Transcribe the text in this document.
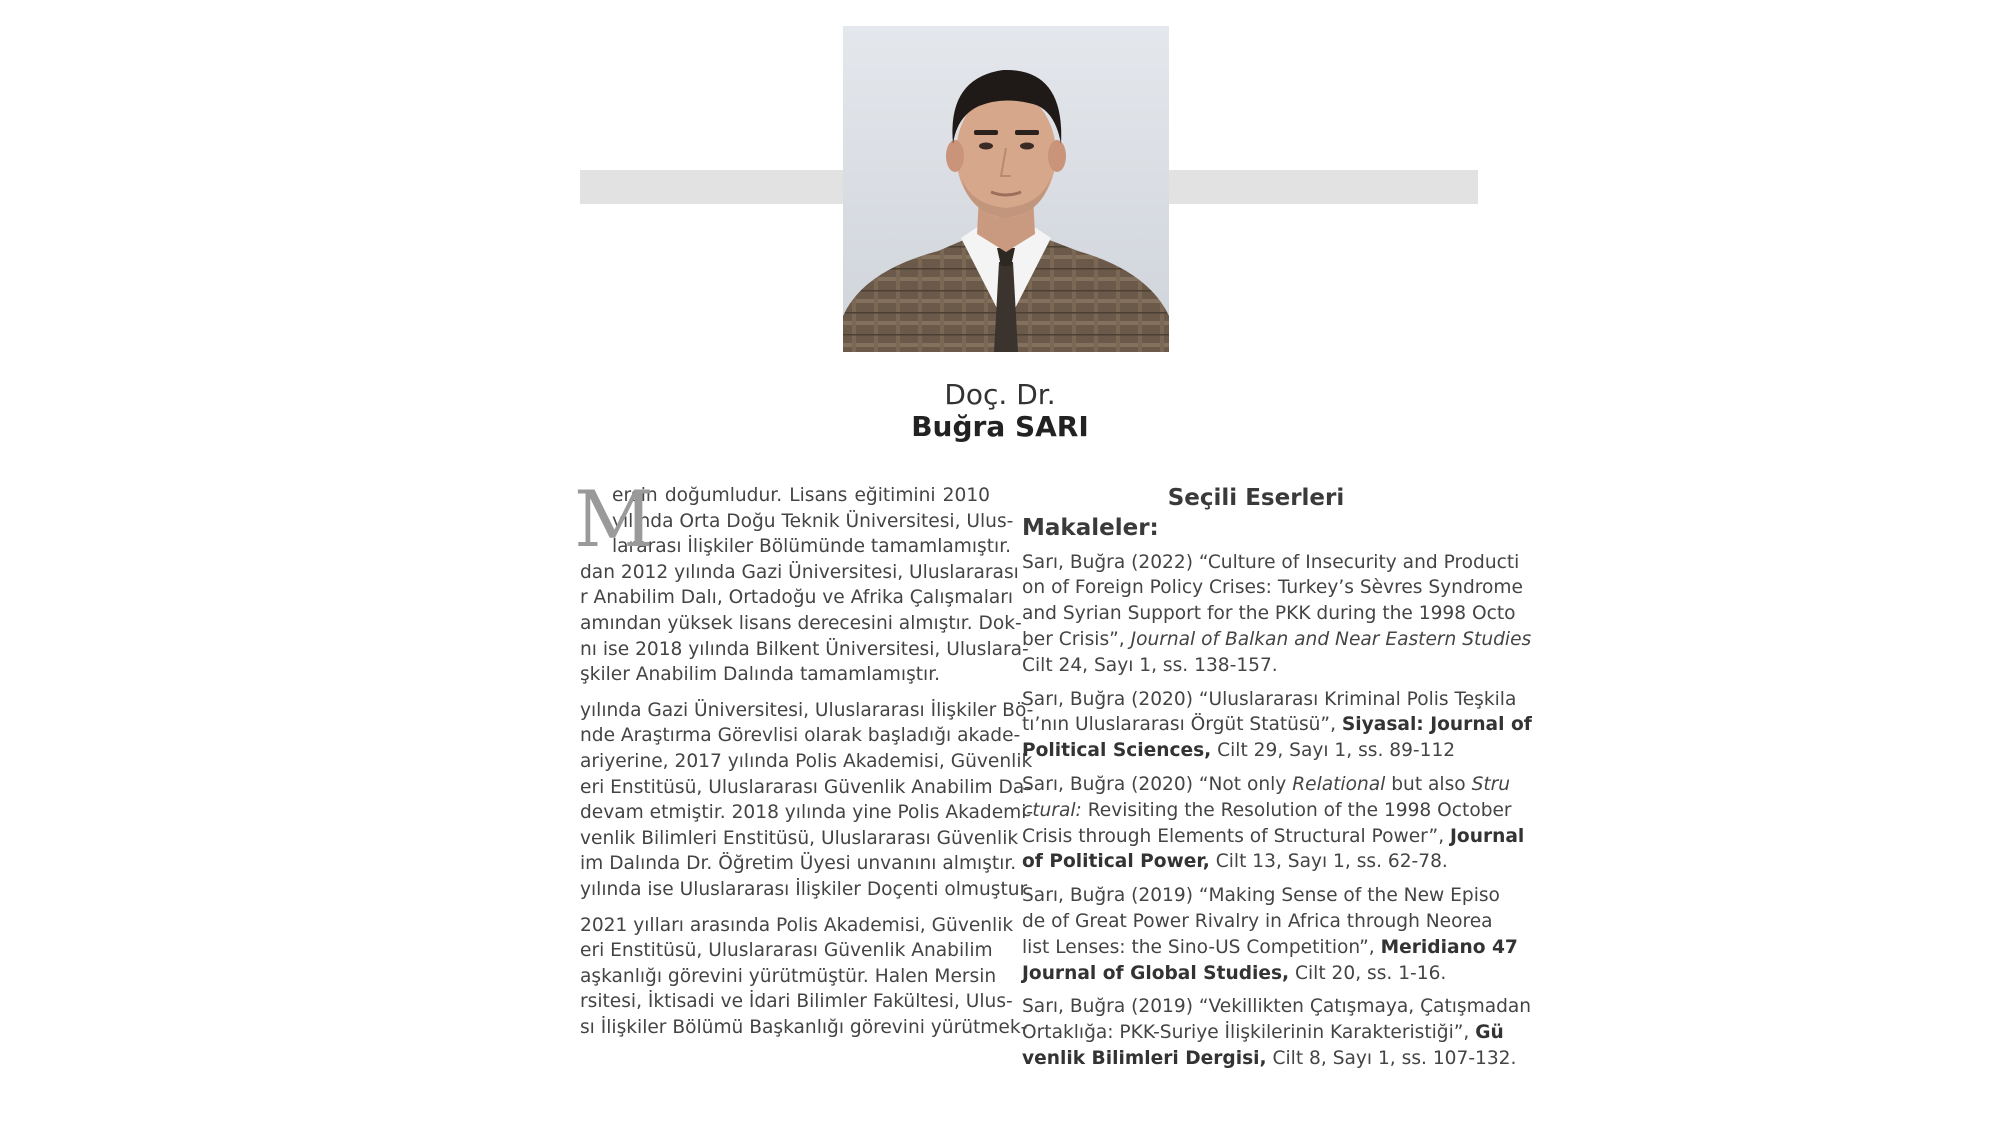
Doç. Dr.
Buğra SARI
M

ersin doğumludur. Lisans eğitimini 2010
yılında Orta Doğu Teknik Üniversitesi, Ulus-
lararası İlişkiler Bölümünde tamamlamıştır.
dan 2012 yılında Gazi Üniversitesi, Uluslararası
r Anabilim Dalı, Ortadoğu ve Afrika Çalışmaları
amından yüksek lisans derecesini almıştır. Dok-
nı ise 2018 yılında Bilkent Üniversitesi, Uluslara-
şkiler Anabilim Dalında tamamlamıştır.

yılında Gazi Üniversitesi, Uluslararası İlişkiler Bö-
nde Araştırma Görevlisi olarak başladığı akade-
ariyerine, 2017 yılında Polis Akademisi, Güvenlik
eri Enstitüsü, Uluslararası Güvenlik Anabilim Da-
devam etmiştir. 2018 yılında yine Polis Akademi-
venlik Bilimleri Enstitüsü, Uluslararası Güvenlik
im Dalında Dr. Öğretim Üyesi unvanını almıştır.
yılında ise Uluslararası İlişkiler Doçenti olmuştur.

2021 yılları arasında Polis Akademisi, Güvenlik
eri Enstitüsü, Uluslararası Güvenlik Anabilim
aşkanlığı görevini yürütmüştür. Halen Mersin
rsitesi, İktisadi ve İdari Bilimler Fakültesi, Ulus-
sı İlişkiler Bölümü Başkanlığı görevini yürütmek-

Seçili Eserleri
Makaleler:
Sarı, Buğra (2022) “Culture of Insecurity and Producti
on of Foreign Policy Crises: Turkey’s Sèvres Syndrome
and Syrian Support for the PKK during the 1998 Octo
ber Crisis”, Journal of Balkan and Near Eastern Studies
Cilt 24, Sayı 1, ss. 138-157.
Sarı, Buğra (2020) “Uluslararası Kriminal Polis Teşkila
tı’nın Uluslararası Örgüt Statüsü”, Siyasal: Journal of
Political Sciences, Cilt 29, Sayı 1, ss. 89-112
Sarı, Buğra (2020) “Not only Relational but also Stru
ctural: Revisiting the Resolution of the 1998 October
Crisis through Elements of Structural Power”, Journal
of Political Power, Cilt 13, Sayı 1, ss. 62-78.
Sarı, Buğra (2019) “Making Sense of the New Episo
de of Great Power Rivalry in Africa through Neorea
list Lenses: the Sino-US Competition”, Meridiano 47
Journal of Global Studies, Cilt 20, ss. 1-16.
Sarı, Buğra (2019) “Vekillikten Çatışmaya, Çatışmadan
Ortaklığa: PKK-Suriye İlişkilerinin Karakteristiği”, Gü
venlik Bilimleri Dergisi, Cilt 8, Sayı 1, ss. 107-132.
